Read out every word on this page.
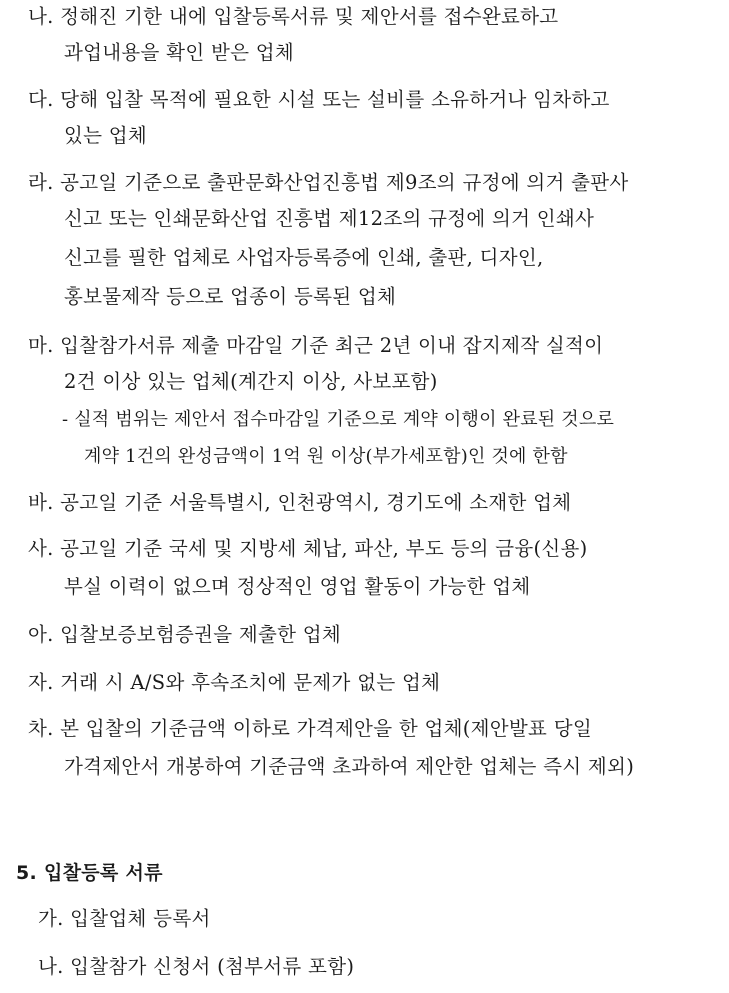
나. 정해진 기한 내에 입찰등록서류 및 제안서를 접수완료하고
과업내용을 확인 받은 업체
다. 당해 입찰 목적에 필요한 시설 또는 설비를 소유하거나 임차하고
있는 업체
라. 공고일 기준으로 출판문화산업진흥법 제9조의 규정에 의거 출판사
신고 또는 인쇄문화산업 진흥법 제12조의 규정에 의거 인쇄사
신고를 필한 업체로 사업자등록증에 인쇄, 출판, 디자인,
홍보물제작 등으로 업종이 등록된 업체
마. 입찰참가서류 제출 마감일 기준 최근 2년 이내 잡지제작 실적이
2건 이상 있는 업체(계간지 이상, 사보포함)
- 실적 범위는 제안서 접수마감일 기준으로 계약 이행이 완료된 것으로
계약 1건의 완성금액이 1억 원 이상(부가세포함)인 것에 한함
바. 공고일 기준 서울특별시, 인천광역시, 경기도에 소재한 업체
사. 공고일 기준 국세 및 지방세 체납, 파산, 부도 등의 금융(신용)
부실 이력이 없으며 정상적인 영업 활동이 가능한 업체
아. 입찰보증보험증권을 제출한 업체
자. 거래 시 A/S와 후속조치에 문제가 없는 업체
차. 본 입찰의 기준금액 이하로 가격제안을 한 업체(제안발표 당일
가격제안서 개봉하여 기준금액 초과하여 제안한 업체는 즉시 제외)
5. 입찰등록 서류
가. 입찰업체 등록서
나. 입찰참가 신청서 (첨부서류 포함)
